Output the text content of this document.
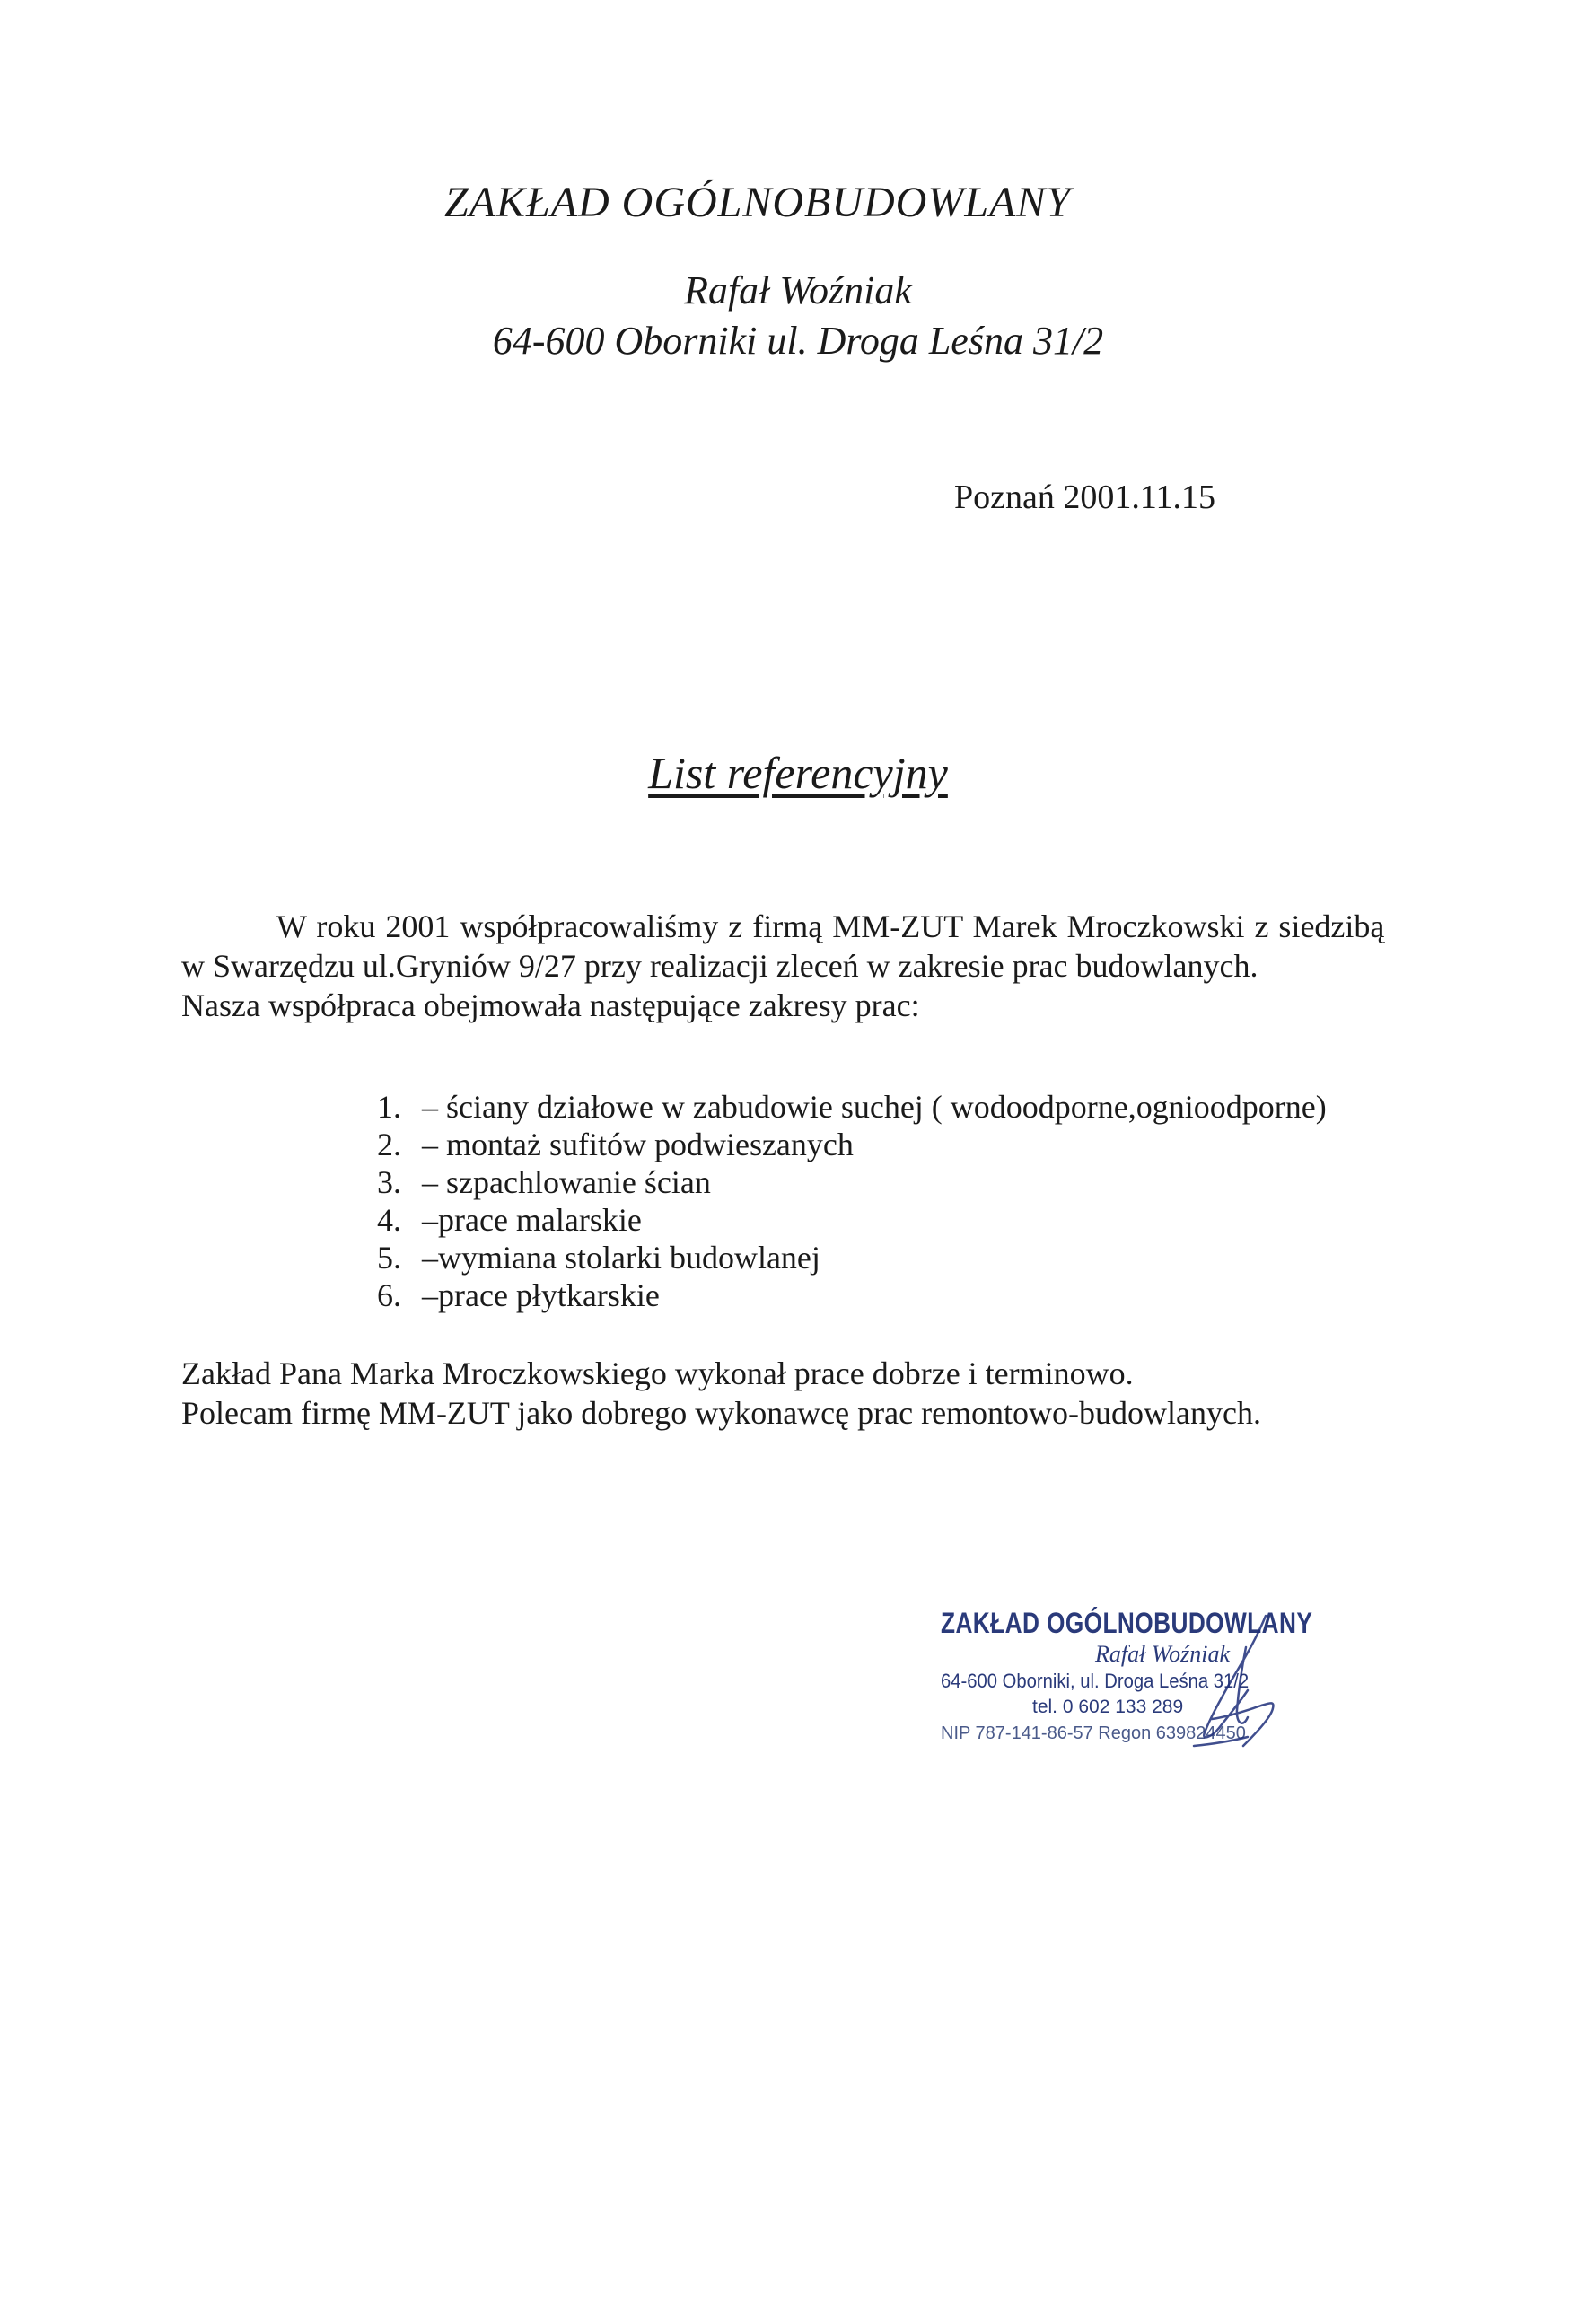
ZAKŁAD OGÓLNOBUDOWLANY
Rafał Woźniak
64-600 Oborniki ul. Droga Leśna 31/2
Poznań 2001.11.15
List referencyjny
W roku 2001 współpracowaliśmy z firmą MM-ZUT Marek Mroczkowski z siedzibą
w Swarzędzu ul.Gryniów 9/27 przy realizacji zleceń w zakresie prac budowlanych.
Nasza współpraca obejmowała następujące zakresy prac:
1. – ściany działowe w zabudowie suchej ( wodoodporne,ognioodporne)
2. – montaż sufitów podwieszanych
3. – szpachlowanie ścian
4. –prace malarskie
5. –wymiana stolarki budowlanej
6. –prace płytkarskie
Zakład Pana Marka Mroczkowskiego wykonał prace dobrze i terminowo.
Polecam firmę MM-ZUT jako dobrego wykonawcę prac remontowo-budowlanych.
ZAKŁAD OGÓLNOBUDOWLANY
Rafał Woźniak
64-600 Oborniki, ul. Droga Leśna 31/2
tel. 0 602 133 289
NIP 787-141-86-57 Regon 639824450
